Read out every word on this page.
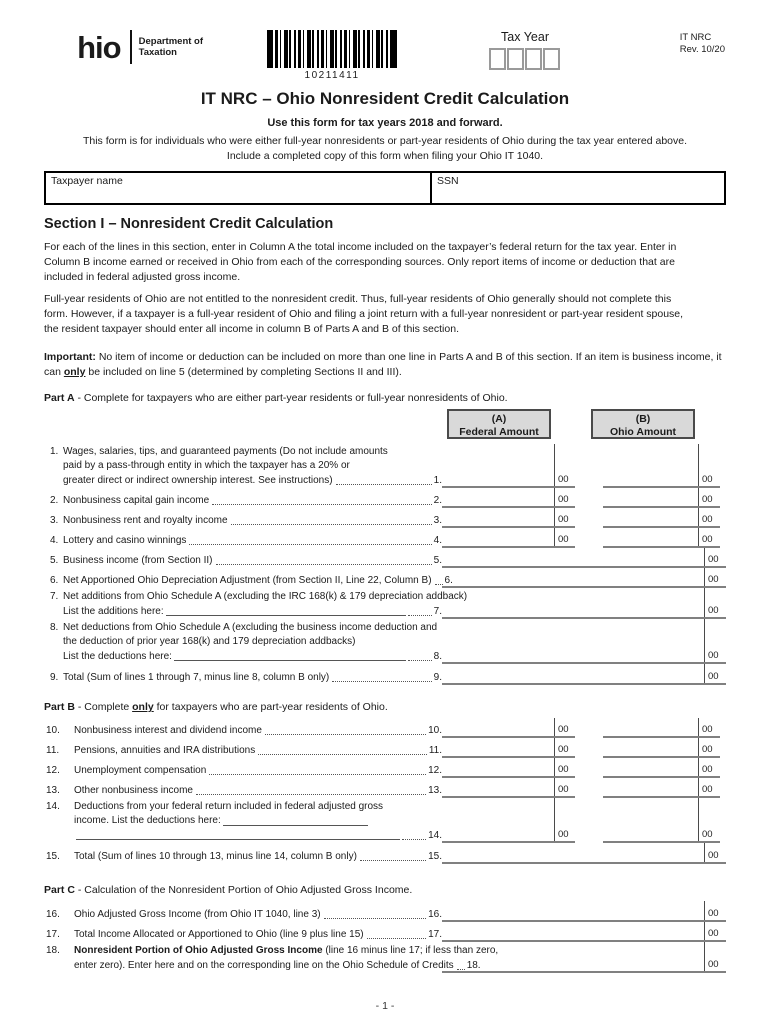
Ohio Department of
Taxation
10211411
Tax Year	IT NRC
Rev. 10/20
IT NRC – Ohio Nonresident Credit Calculation
Use this form for tax years 2018 and forward.
This form is for individuals who were either full-year nonresidents or part-year residents of Ohio during the tax year entered above.
Include a completed copy of this form when filing your Ohio IT 1040.
Taxpayer name	SSN
Section I – Nonresident Credit Calculation
For each of the lines in this section, enter in Column A the total income included on the taxpayer’s federal return for the tax year. Enter in
Column B income earned or received in Ohio from each of the corresponding sources. Only report items of income or deduction that are
included in federal adjusted gross income.
Full-year residents of Ohio are not entitled to the nonresident credit. Thus, full-year residents of Ohio generally should not complete this
form. However, if a taxpayer is a full-year resident of Ohio and filing a joint return with a full-year nonresident or part-year resident spouse,
the resident taxpayer should enter all income in column B of Parts A and B of this section.
Important: No item of income or deduction can be included on more than one line in Parts A and B of this section. If an item is business income, it can only be included on line 5 (determined by completing Sections II and III).
Part A - Complete for taxpayers who are either part-year residents or full-year nonresidents of Ohio.
(A)
Federal Amount
(B)
Ohio Amount
1. Wages, salaries, tips, and guaranteed payments (Do not include amounts
paid by a pass-through entity in which the taxpayer has a 20% or
greater direct or indirect ownership interest. See instructions)	1.	00	00
2. Nonbusiness capital gain income	2.	00	00
3. Nonbusiness rent and royalty income	3.	00	00
4. Lottery and casino winnings	4.	00	00
5. Business income (from Section II)	5.	00
6. Net Apportioned Ohio Depreciation Adjustment (from Section II, Line 22, Column B) 6.	00
7. Net additions from Ohio Schedule A (excluding the IRC 168(k) & 179 depreciation addback)
List the additions here:	7.	00
8. Net deductions from Ohio Schedule A (excluding the business income deduction and
the deduction of prior year 168(k) and 179 depreciation addbacks)
List the deductions here:	8.	00
9. Total (Sum of lines 1 through 7, minus line 8, column B only)	9.	00
Part B - Complete only for taxpayers who are part-year residents of Ohio.
10.	Nonbusiness interest and dividend income	10.	00	00
11.	Pensions, annuities and IRA distributions	11.	00	00
12.	Unemployment compensation	12.	00	00
13.	Other nonbusiness income	13.	00	00
14.	Deductions from your federal return included in federal adjusted gross
income. List the deductions here:
14.	00	00
15.	Total (Sum of lines 10 through 13, minus line 14, column B only)	15.	00
Part C - Calculation of the Nonresident Portion of Ohio Adjusted Gross Income.
16.	Ohio Adjusted Gross Income (from Ohio IT 1040, line 3)	16.	00
17.	Total Income Allocated or Apportioned to Ohio (line 9 plus line 15)	17.	00
18.	Nonresident Portion of Ohio Adjusted Gross Income (line 16 minus line 17; if less than zero,
enter zero). Enter here and on the corresponding line on the Ohio Schedule of Credits 18.	00
- 1 -
